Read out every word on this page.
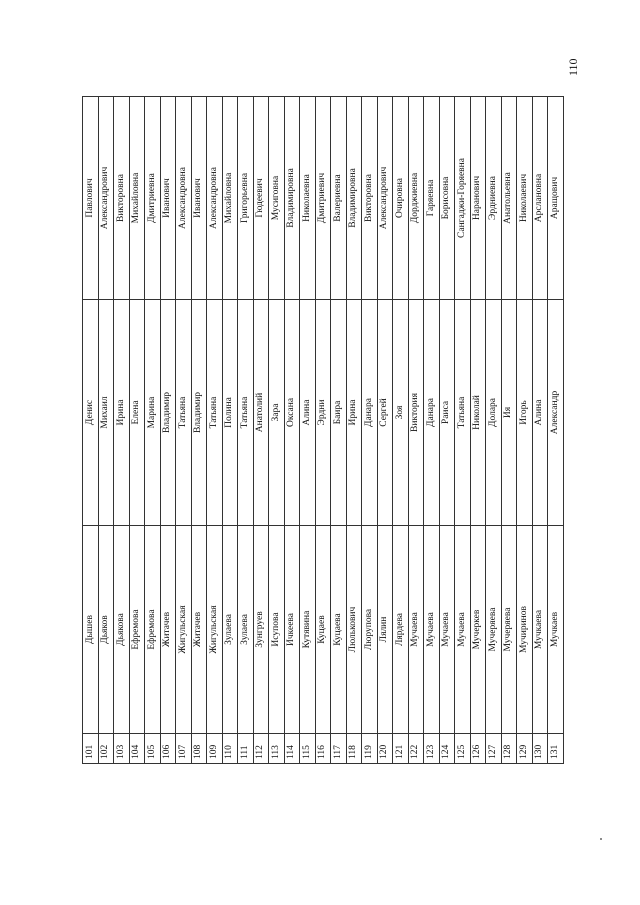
110
101	Дышев	Денис	Павлович
102	Дьяков	Михаил	Александрович
103	Дьякова	Ирина	Викторовна
104	Ефремова	Елена	Михайловна
105	Ефремова	Марина	Дмитриевна
106	Житачев	Владимир	Иванович
107	Жигульская	Татьяна	Александровна
108	Житачев	Владимир	Иванович
109	Жигульская	Татьяна	Александровна
110	Зулаева	Полина	Михайловна
111	Зулаева	Татьяна	Григорьевна
112	Зунгруев	Анатолий	Гюдеевич
113	Исупова	Зара	Мусиговна
114	Ичкеева	Оксана	Владимировна
115	Кутявина	Алина	Николаевна
116	Куцаев	Эрдни	Дмитриевич
117	Куцаева	Баира	Валериевна
118	Люлькович	Ирина	Владимировна
119	Люрупова	Данара	Викторовна
120	Лялин	Сергей	Александрович
121	Лярдева	Зоя	Очировна
122	Мучаева	Виктория	Дорджиевна
123	Мучаева	Данара	Гаряевна
124	Мучаева	Раиса	Борисовна
125	Мучаева	Татьяна	Сангаджи-Горяевна
126	Мучеркев	Николай	Наранович
127	Мучеряева	Долара	Эрдниевна
128	Мучеряева	Ия	Анатольевна
129	Мучиринов	Игорь	Николаевич
130	Мучкаева	Алина	Арслановна
131	Мучкаев	Александр	Аращович
